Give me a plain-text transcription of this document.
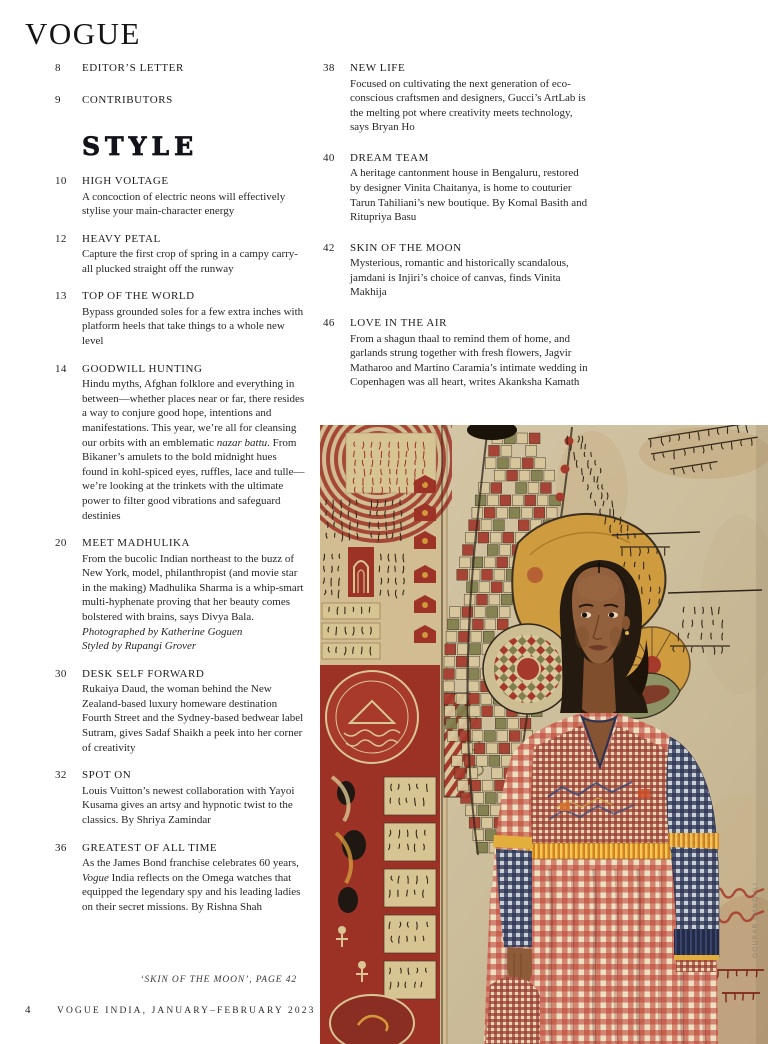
VOGUE
8	EDITOR’S LETTER
9	CONTRIBUTORS
STYLE
10	HIGH VOLTAGE
A concoction of electric neons will effectively stylise your main-character energy
12	HEAVY PETAL
Capture the first crop of spring in a campy carry-all plucked straight off the runway
13	TOP OF THE WORLD
Bypass grounded soles for a few extra inches with platform heels that take things to a whole new level
14	GOODWILL HUNTING
Hindu myths, Afghan folklore and everything in between—whether places near or far, there resides a way to conjure good hope, intentions and manifestations. This year, we’re all for cleansing our orbits with an emblematic nazar battu. From Bikaner’s amulets to the bold midnight hues found in kohl-spiced eyes, ruffles, lace and tulle—we’re looking at the trinkets with the ultimate power to filter good vibrations and safeguard destinies
20	MEET MADHULIKA
From the bucolic Indian northeast to the buzz of New York, model, philanthropist (and movie star in the making) Madhulika Sharma is a whip-smart multi-hyphenate proving that her beauty comes bolstered with brains, says Divya Bala.
Photographed by Katherine Goguen
Styled by Rupangi Grover
30	DESK SELF FORWARD
Rukaiya Daud, the woman behind the New Zealand-based luxury homeware destination Fourth Street and the Sydney-based bedwear label Sutram, gives Sadaf Shaikh a peek into her corner of creativity
32	SPOT ON
Louis Vuitton’s newest collaboration with Yayoi Kusama gives an artsy and hypnotic twist to the classics. By Shriya Zamindar
36	GREATEST OF ALL TIME
As the James Bond franchise celebrates 60 years, Vogue India reflects on the Omega watches that equipped the legendary spy and his leading ladies on their secret missions. By Rishna Shah
38	NEW LIFE
Focused on cultivating the next generation of eco-conscious craftsmen and designers, Gucci’s ArtLab is the melting pot where creativity meets technology, says Bryan Ho
40	DREAM TEAM
A heritage cantonment house in Bengaluru, restored by designer Vinita Chaitanya, is home to couturier Tarun Tahiliani’s new boutique. By Komal Basith and Ritupriya Basu
42	SKIN OF THE MOON
Mysterious, romantic and historically scandalous, jamdani is Injiri’s choice of canvas, finds Vinita Makhija
46	LOVE IN THE AIR
From a shagun thaal to remind them of home, and garlands strung together with fresh flowers, Jagvir Matharoo and Martino Caramia’s intimate wedding in Copenhagen was all heart, writes Akanksha Kamath
‘SKIN OF THE MOON’, PAGE 42
4	VOGUE INDIA, JANUARY–FEBRUARY 2023
GOURAB GANGULI
